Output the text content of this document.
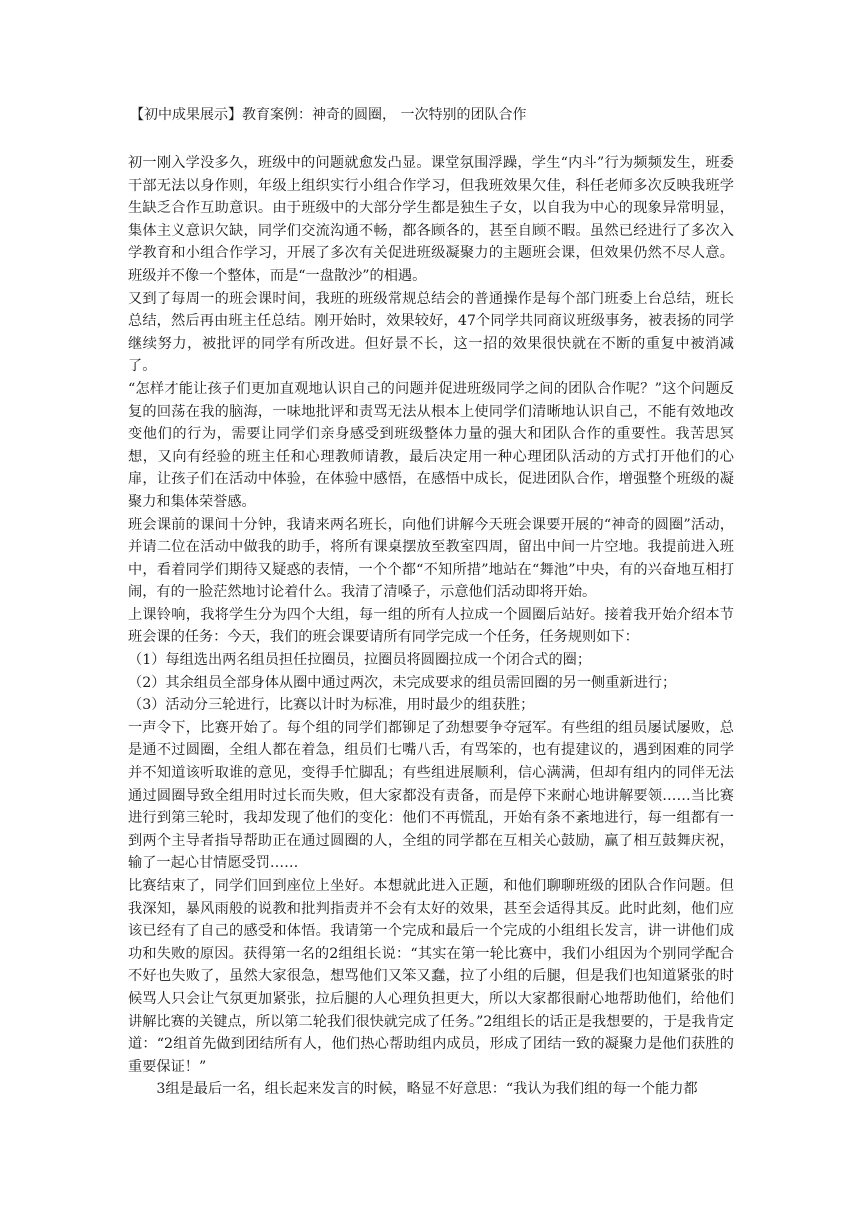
【初中成果展示】教育案例：神奇的圆圈， 一次特别的团队合作

初一刚入学没多久，班级中的问题就愈发凸显。课堂氛围浮躁，学生“内斗”行为频频发生，班委干部无法以身作则，年级上组织实行小组合作学习，但我班效果欠佳，科任老师多次反映我班学生缺乏合作互助意识。由于班级中的大部分学生都是独生子女，以自我为中心的现象异常明显，集体主义意识欠缺，同学们交流沟通不畅，都各顾各的，甚至自顾不暇。虽然已经进行了多次入学教育和小组合作学习，开展了多次有关促进班级凝聚力的主题班会课，但效果仍然不尽人意。班级并不像一个整体，而是“一盘散沙”的相遇。

又到了每周一的班会课时间，我班的班级常规总结会的普通操作是每个部门班委上台总结，班长总结，然后再由班主任总结。刚开始时，效果较好，47个同学共同商议班级事务，被表扬的同学继续努力，被批评的同学有所改进。但好景不长，这一招的效果很快就在不断的重复中被消减了。

“怎样才能让孩子们更加直观地认识自己的问题并促进班级同学之间的团队合作呢？”这个问题反复的回荡在我的脑海，一味地批评和责骂无法从根本上使同学们清晰地认识自己，不能有效地改变他们的行为，需要让同学们亲身感受到班级整体力量的强大和团队合作的重要性。我苦思冥想，又向有经验的班主任和心理教师请教，最后决定用一种心理团队活动的方式打开他们的心扉，让孩子们在活动中体验，在体验中感悟，在感悟中成长，促进团队合作，增强整个班级的凝聚力和集体荣誉感。

班会课前的课间十分钟，我请来两名班长，向他们讲解今天班会课要开展的“神奇的圆圈”活动，并请二位在活动中做我的助手，将所有课桌摆放至教室四周，留出中间一片空地。我提前进入班中，看着同学们期待又疑惑的表情，一个个都“不知所措”地站在“舞池”中央，有的兴奋地互相打闹，有的一脸茫然地讨论着什么。我清了清嗓子，示意他们活动即将开始。

上课铃响，我将学生分为四个大组，每一组的所有人拉成一个圆圈后站好。接着我开始介绍本节班会课的任务：今天，我们的班会课要请所有同学完成一个任务，任务规则如下：

（1）每组选出两名组员担任拉圈员，拉圈员将圆圈拉成一个闭合式的圈；

（2）其余组员全部身体从圈中通过两次，未完成要求的组员需回圈的另一侧重新进行；

（3）活动分三轮进行，比赛以计时为标准，用时最少的组获胜；

一声令下，比赛开始了。每个组的同学们都铆足了劲想要争夺冠军。有些组的组员屡试屡败，总是通不过圆圈，全组人都在着急，组员们七嘴八舌，有骂笨的，也有提建议的，遇到困难的同学并不知道该听取谁的意见，变得手忙脚乱；有些组进展顺利，信心满满，但却有组内的同伴无法通过圆圈导致全组用时过长而失败，但大家都没有责备，而是停下来耐心地讲解要领……当比赛进行到第三轮时，我却发现了他们的变化：他们不再慌乱，开始有条不紊地进行，每一组都有一到两个主导者指导帮助正在通过圆圈的人，全组的同学都在互相关心鼓励，赢了相互鼓舞庆祝，输了一起心甘情愿受罚……

比赛结束了，同学们回到座位上坐好。本想就此进入正题，和他们聊聊班级的团队合作问题。但我深知，暴风雨般的说教和批判指责并不会有太好的效果，甚至会适得其反。此时此刻，他们应该已经有了自己的感受和体悟。我请第一个完成和最后一个完成的小组组长发言，讲一讲他们成功和失败的原因。获得第一名的2组组长说：“其实在第一轮比赛中，我们小组因为个别同学配合不好也失败了，虽然大家很急，想骂他们又笨又蠢，拉了小组的后腿，但是我们也知道紧张的时候骂人只会让气氛更加紧张，拉后腿的人心理负担更大，所以大家都很耐心地帮助他们，给他们讲解比赛的关键点，所以第二轮我们很快就完成了任务。”2组组长的话正是我想要的，于是我肯定道：“2组首先做到团结所有人，他们热心帮助组内成员，形成了团结一致的凝聚力是他们获胜的重要保证！”

3组是最后一名，组长起来发言的时候，略显不好意思：“我认为我们组的每一个能力都
